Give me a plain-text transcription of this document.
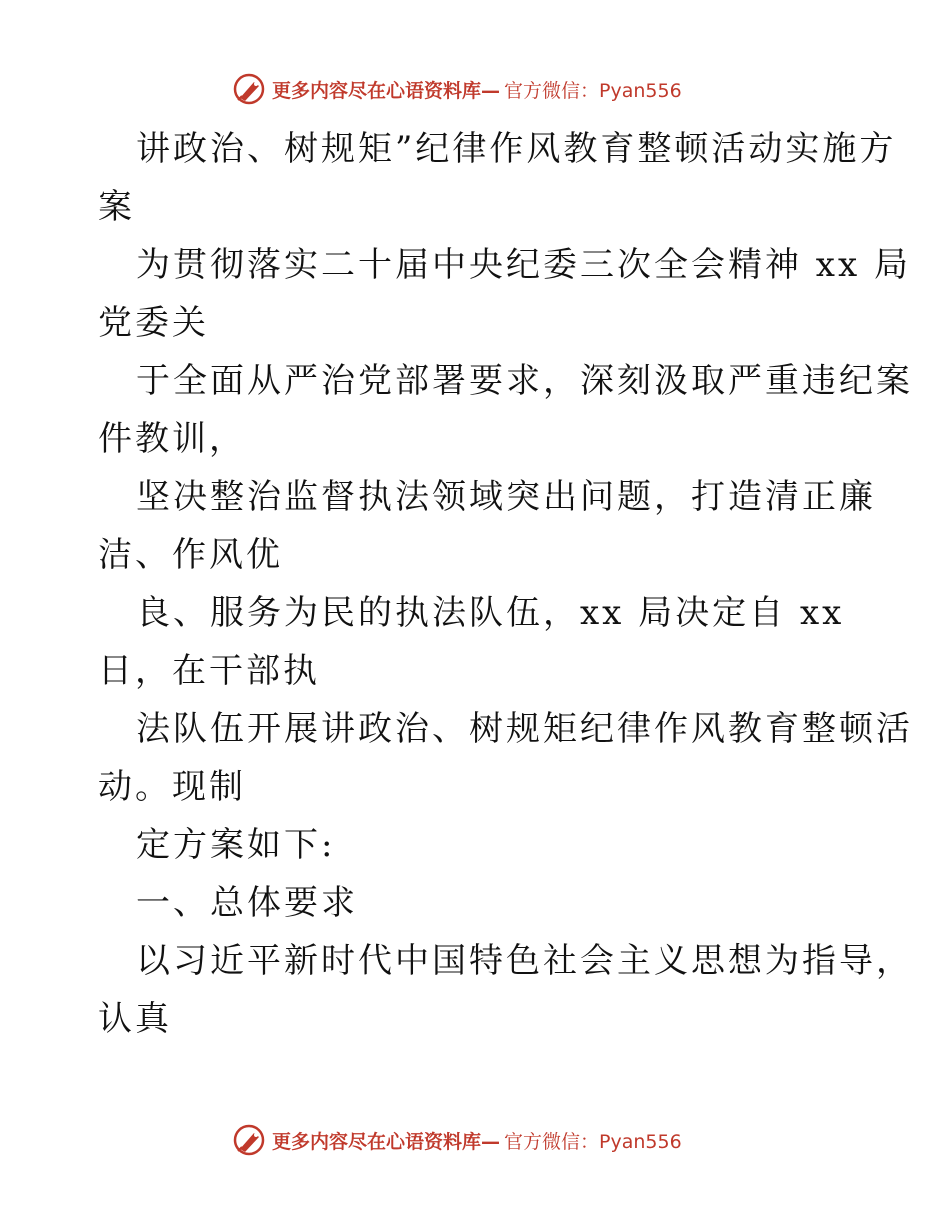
更多内容尽在心语资料库— 官方微信：Pyan556
讲政治、树规矩”纪律作风教育整顿活动实施方
案
为贯彻落实二十届中央纪委三次全会精神 xx 局
党委关
于全面从严治党部署要求，深刻汲取严重违纪案
件教训，
坚决整治监督执法领域突出问题，打造清正廉
洁、作风优
良、服务为民的执法队伍，xx 局决定自 xx
日，在干部执
法队伍开展讲政治、树规矩纪律作风教育整顿活
动。现制
定方案如下:
一、总体要求
以习近平新时代中国特色社会主义思想为指导，
认真
更多内容尽在心语资料库— 官方微信：Pyan556
